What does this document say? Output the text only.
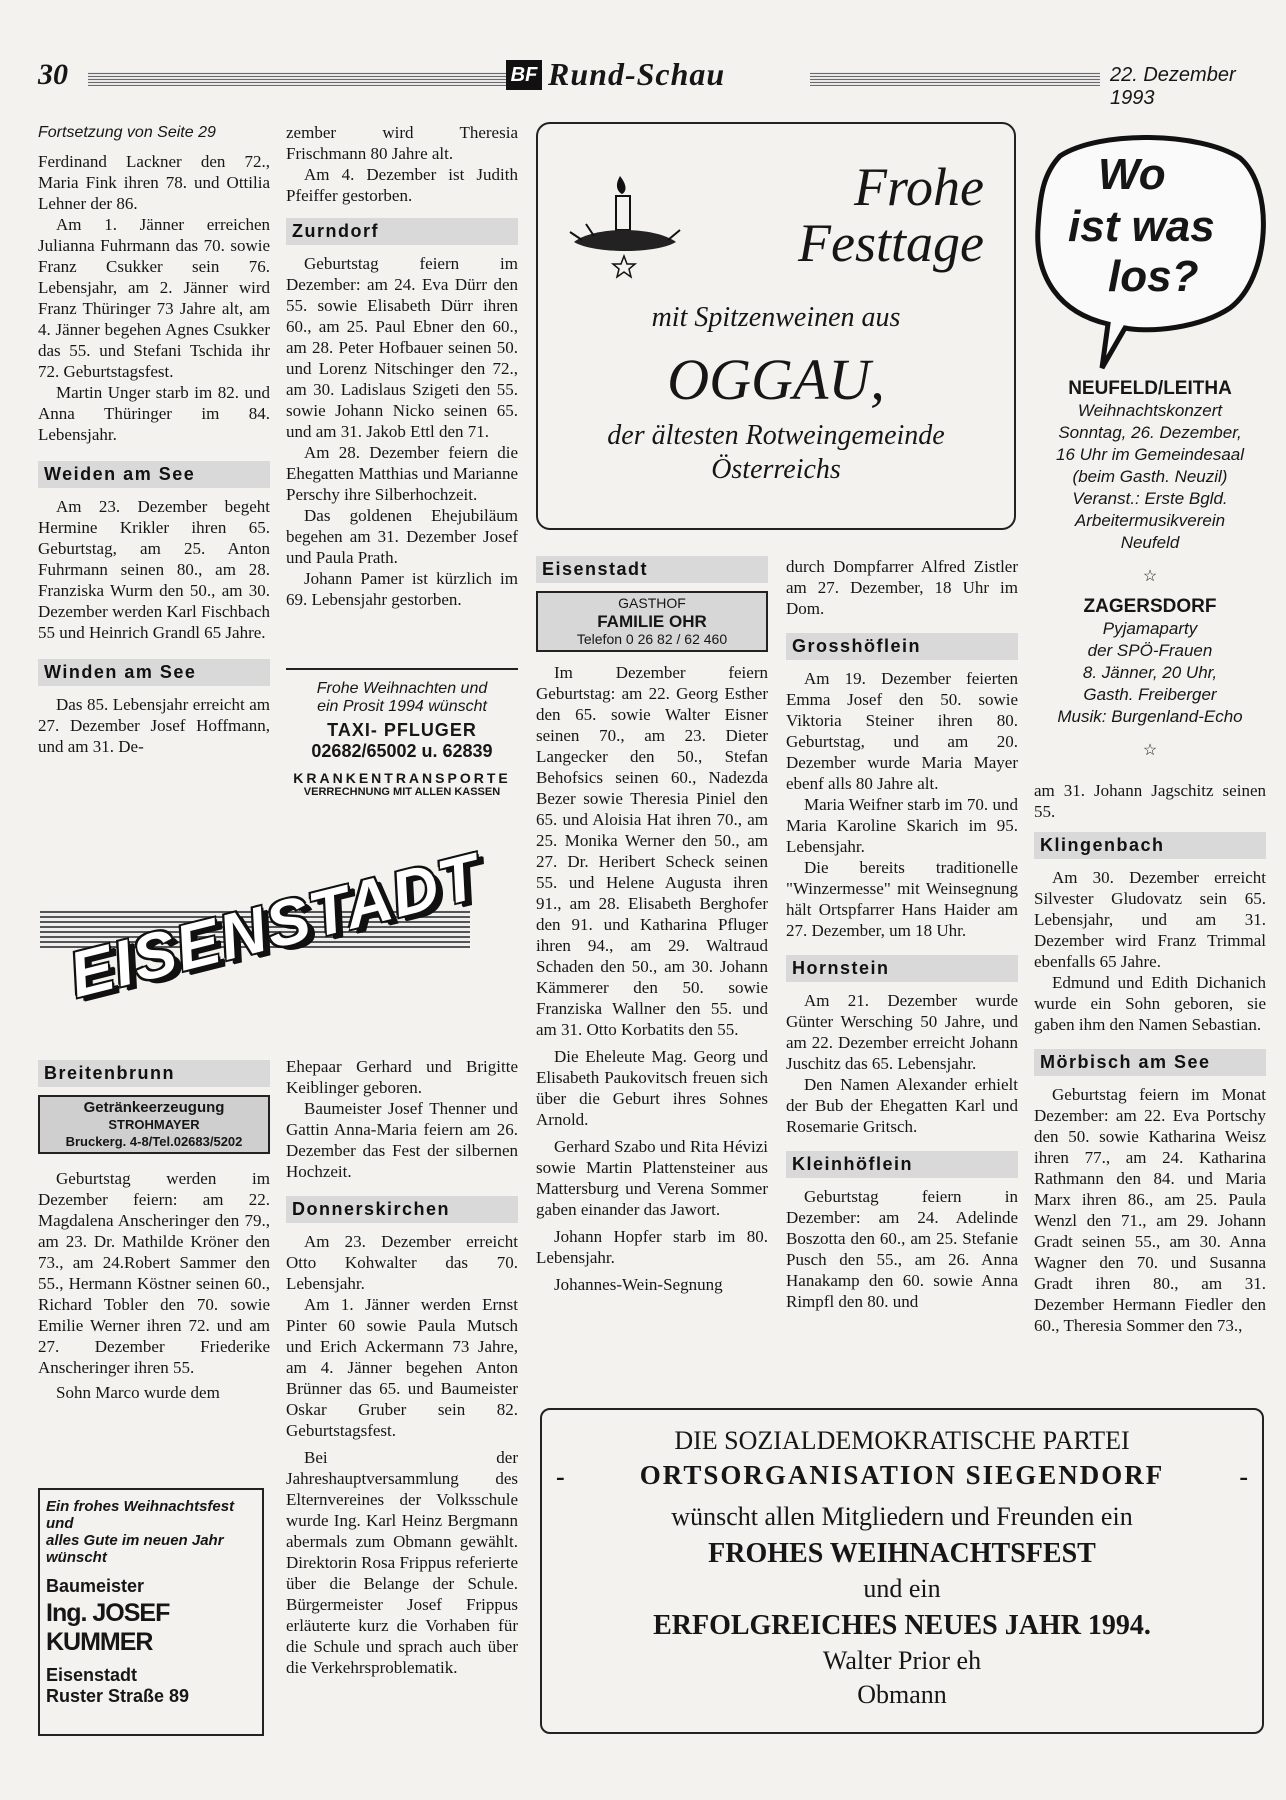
30	BF Rund-Schau	22. Dezember 1993

Fortsetzung von Seite 29

Ferdinand Lackner den 72., Maria Fink ihren 78. und Ottilia Lehner der 86.

Am 1. Jänner erreichen Julianna Fuhrmann das 70. sowie Franz Csukker sein 76. Lebensjahr, am 2. Jänner wird Franz Thüringer 73 Jahre alt, am 4. Jänner begehen Agnes Csukker das 55. und Stefani Tschida ihr 72. Geburtstagsfest.

Martin Unger starb im 82. und Anna Thüringer im 84. Lebensjahr.

Weiden am See

Am 23. Dezember begeht Hermine Krikler ihren 65. Geburtstag, am 25. Anton Fuhrmann seinen 80., am 28. Franziska Wurm den 50., am 30. Dezember werden Karl Fischbach 55 und Heinrich Grandl 65 Jahre.

Winden am See

Das 85. Lebensjahr erreicht am 27. Dezember Josef Hoffmann, und am 31. De-

zember wird Theresia Frischmann 80 Jahre alt.

Am 4. Dezember ist Judith Pfeiffer gestorben.

Zurndorf

Geburtstag feiern im Dezember: am 24. Eva Dürr den 55. sowie Elisabeth Dürr ihren 60., am 25. Paul Ebner den 60., am 28. Peter Hofbauer seinen 50. und Lorenz Nitschinger den 72., am 30. Ladislaus Szigeti den 55. sowie Johann Nicko seinen 65. und am 31. Jakob Ettl den 71.

Am 28. Dezember feiern die Ehegatten Matthias und Marianne Perschy ihre Silberhochzeit.

Das goldenen Ehejubiläum begehen am 31. Dezember Josef und Paula Prath.

Johann Pamer ist kürzlich im 69. Lebensjahr gestorben.

Frohe Weihnachten und
ein Prosit 1994 wünscht
TAXI- PFLUGER
02682/65002 u. 62839
KRANKENTRANSPORTE
VERRECHNUNG MIT ALLEN KASSEN
Frohe
Festtage
mit Spitzenweinen aus
OGGAU,
der ältesten Rotweingemeinde
Österreichs
Wo
ist was
los?
NEUFELD/LEITHA
Weihnachtskonzert
Sonntag, 26. Dezember,
16 Uhr im Gemeindesaal
(beim Gasth. Neuzil)
Veranst.: Erste Bgld.
Arbeitermusikverein
Neufeld
☆
ZAGERSDORF
Pyjamaparty
der SPÖ-Frauen
8. Jänner, 20 Uhr,
Gasth. Freiberger
Musik: Burgenland-Echo
☆
Eisenstadt
GASTHOF
FAMILIE OHR
Telefon 0 26 82 / 62 460

Im Dezember feiern Geburtstag: am 22. Georg Esther den 65. sowie Walter Eisner seinen 70., am 23. Dieter Langecker den 50., Stefan Behofsics seinen 60., Nadezda Bezer sowie Theresia Piniel den 65. und Aloisia Hat ihren 70., am 25. Monika Werner den 50., am 27. Dr. Heribert Scheck seinen 55. und Helene Augusta ihren 91., am 28. Elisabeth Berghofer den 91. und Katharina Pfluger ihren 94., am 29. Waltraud Schaden den 50., am 30. Johann Kämmerer den 50. sowie Franziska Wallner den 55. und am 31. Otto Korbatits den 55.

Die Eheleute Mag. Georg und Elisabeth Paukovitsch freuen sich über die Geburt ihres Sohnes Arnold.

Gerhard Szabo und Rita Hévizi sowie Martin Plattensteiner aus Mattersburg und Verena Sommer gaben einander das Jawort.

Johann Hopfer starb im 80. Lebensjahr.

Johannes-Wein-Segnung

durch Dompfarrer Alfred Zistler am 27. Dezember, 18 Uhr im Dom.

Grosshöflein

Am 19. Dezember feierten Emma Josef den 50. sowie Viktoria Steiner ihren 80. Geburtstag, und am 20. Dezember wurde Maria Mayer ebenf alls 80 Jahre alt.

Maria Weifner starb im 70. und Maria Karoline Skarich im 95. Lebensjahr.

Die bereits traditionelle "Winzermesse" mit Weinsegnung hält Ortspfarrer Hans Haider am 27. Dezember, um 18 Uhr.

Hornstein

Am 21. Dezember wurde Günter Wersching 50 Jahre, und am 22. Dezember erreicht Johann Juschitz das 65. Lebensjahr.

Den Namen Alexander erhielt der Bub der Ehegatten Karl und Rosemarie Gritsch.

Kleinhöflein

Geburtstag feiern in Dezember: am 24. Adelinde Boszotta den 60., am 25. Stefanie Pusch den 55., am 26. Anna Hanakamp den 60. sowie Anna Rimpfl den 80. und

am 31. Johann Jagschitz seinen 55.

Klingenbach

Am 30. Dezember erreicht Silvester Gludovatz sein 65. Lebensjahr, und am 31. Dezember wird Franz Trimmal ebenfalls 65 Jahre.

Edmund und Edith Dichanich wurde ein Sohn geboren, sie gaben ihm den Namen Sebastian.

Mörbisch am See

Geburtstag feiern im Monat Dezember: am 22. Eva Portschy den 50. sowie Katharina Weisz ihren 77., am 24. Katharina Rathmann den 84. und Maria Marx ihren 86., am 25. Paula Wenzl den 71., am 29. Johann Gradt seinen 55., am 30. Anna Wagner den 70. und Susanna Gradt ihren 80., am 31. Dezember Hermann Fiedler den 60., Theresia Sommer den 73.,

EISENSTADT
Breitenbrunn
Getränkeerzeugung
STROHMAYER
Bruckerg. 4-8/Tel.02683/5202

Geburtstag werden im Dezember feiern: am 22. Magdalena Anscheringer den 79., am 23. Dr. Mathilde Kröner den 73., am 24.Robert Sammer den 55., Hermann Köstner seinen 60., Richard Tobler den 70. sowie Emilie Werner ihren 72. und am 27. Dezember Friederike Anscheringer ihren 55.

Sohn Marco wurde dem

Ein frohes Weihnachtsfest
und
alles Gute im neuen Jahr
wünscht
Baumeister
Ing. JOSEF KUMMER
Eisenstadt
Ruster Straße 89

Ehepaar Gerhard und Brigitte Keiblinger geboren.

Baumeister Josef Thenner und Gattin Anna-Maria feiern am 26. Dezember das Fest der silbernen Hochzeit.

Donnerskirchen

Am 23. Dezember erreicht Otto Kohwalter das 70. Lebensjahr.

Am 1. Jänner werden Ernst Pinter 60 sowie Paula Mutsch und Erich Ackermann 73 Jahre, am 4. Jänner begehen Anton Brünner das 65. und Baumeister Oskar Gruber sein 82. Geburtstagsfest.

Bei der Jahreshauptversammlung des Elternvereines der Volksschule wurde Ing. Karl Heinz Bergmann abermals zum Obmann gewählt. Direktorin Rosa Frippus referierte über die Belange der Schule. Bürgermeister Josef Frippus erläuterte kurz die Vorhaben für die Schule und sprach auch über die Verkehrsproblematik.

DIE SOZIALDEMOKRATISCHE PARTEI
-	ORTSORGANISATION SIEGENDORF	-
wünscht allen Mitgliedern und Freunden ein
FROHES WEIHNACHTSFEST
und ein
ERFOLGREICHES NEUES JAHR 1994.
Walter Prior eh
Obmann
